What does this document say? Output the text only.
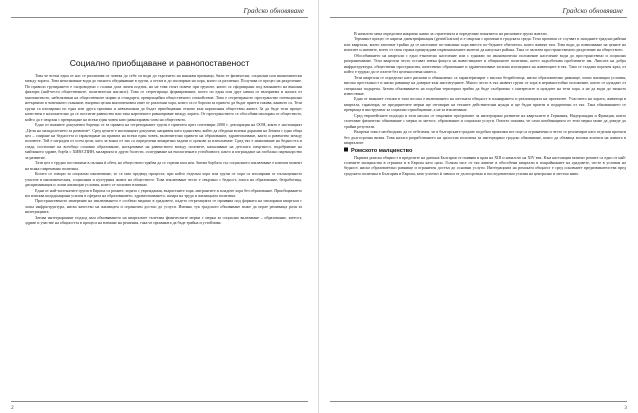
Градско обновяване
Социално приобщаване и равнопоставеност

Това че всеки един от нас се различава от човека до себе си води до търсенето на някакви признаци, били те физически, социални или икономически между хората. Това непознаване води до тяхното обединяване в групи, а оттам и до изолиране на хора, които са различни. Получава се процес на разделение. По правило групирането е съпроводено с голяма доза личен подтик, но не това стоят повече при групите, които са сформирани под влиянието на външни фактори (най-често обществените, политически нагласи). Това се сегрегиращо формирование, което по един или друг начин се възприема и налага от мнозинството, набелязвани на обществените норми и стандарти, превръщайки общественото спокойствие. Това е сегрегираното пространство потенциално нетърпимо в човешкото съзнание, въпреки целия многовековен опит от различни хора, които са се борили за правото да бъдат приети такива, каквито са. Тези групи са изолирани по една или друга причина и невъзможни да бъдат приобщавани отново към нормалния обществен живот. За да бъде този процес качествен е наложително да се постигне равенство или така нареченото равноправие между хората. От пространството се обособява изолиран от обществото, който да е свързан с превръщане на всеки един човек като равноправен член на обществото.

Едно от важните документи борещи се за правата на сегрегираните групи е приетата през септември 2000 г. декларация на ООН, която е настоящият „Цели на хилядолетието за развитие“. Сред целите е настоящият документ, направен като единствен, който да обедини всички държави на Земята с една обща цел – спиране на бедността и гарантиране на правата на всеки един човек, включително правото на образование, здравеопазване, както и равенство между половете. Той е изграден от осем цели, като за всяка от тях са определени конкретни задачи и срокове за изпълнение. Сред тях е намаляване на бедността и глада, постигане на всеобщо основно образование, насърчаване на равенството между половете, намаляване на детската смъртност, подобряване на майчиното здраве, борба с ХИВ/СПИН, маларията и други болести, осигуряване на екологичната устойчивост, както и изграждане на глобално партньорство за развитие.

Тази цел е трудно постижима в пълния ѝ обем, но обществото трябва да се стреми към нея. Затова борбата със социалното изключване е ключов момент на всяка съвременна политика.

Когато се говори за социално изключване, то се има предвид процесът, при който отделни хора или групи от хора са изолирани от пълноценното участие в икономическия, социалния и културния живот на обществото. Това изключване често е свързано с бедност, липса на образование, безработица, дискриминация и лоши жилищни условия, които се засилват взаимно.

Едни от най-засегнатите групи в Европа са ромите, хората с увреждания, възрастните хора, мигрантите и младите хора без образование. Приобщаването им изисква координирани усилия в сферата на образованието, здравеопазването, пазара на труда и жилищната политика.

Пространственото измерение на изключването е особено видимо в градовете, където сегрегацията се проявява под формата на изолирани квартали с лоша инфраструктура, ниско качество на жилищата и ограничен достъп до услуги. Именно тук градското обновяване може да играе решаваща роля за интеграцията.

Затова интегрираният подход към обновяването на кварталите съчетава физическите мерки с мерки за социално включване – образование, заетост, здраве и участие на общността в процеса на вземане на решения, така че промяната да бъде трайна и устойчива.

2
Градско обновяване

В началото нека определим накратко какво за стратегията и определяне понятието на рисковите групи жители.

Терминът процес се нарича джентрификация (gentrification) и е свързан с промени в градската среда. Тези промени се случват в западните градски райони или квартали, които започват трайно да се населяват по-заможни хора вместо по-бедните обитатели, които живеят там. Това води до повишаване на цените на имотите и наемите, което от своя страна принуждава първоначалните жители да напуснат района. Така се засилва пространственото разделение на обществото.

Обособяването на квартали с едно етническо население или с еднакво по икономическо положение население води до пространствено и социално разграничаване. Тези квартали често остават извън фокуса на инвестициите и общинските политики, което задълбочава проблемите им. Липсата на добра инфраструктура, обществени пространства, качествено образование и здравеопазване засилва изолацията на живеещите в тях. Така се създава порочен кръг, от който е трудно да се излезе без целенасочена намеса.

Тези квартали се определят като рискови и обикновено са характеризират с висока безработица, ниско образователно равнище, лоши жилищни условия, висока престъпност и ниско равнище на доверие към институциите. Много често в тях живеят групи от хора в неравностойно положение, които се нуждаят от специална подкрепа. Затова обновяването на подобни територии трябва да бъде съобразено с интересите и нуждите на тези хора, а не да води до тяхното изместване.

Една от важните стъпки в тази посока е включването на местната общност в планирането и реализацията на проектите. Участието на хората, живеещи в квартала, гарантира, че предприетите мерки ще отговарят на техните действителни нужди и ще бъдат приети и подкрепени от тях. Така обновяването се превръща в инструмент за социално приобщаване, а не за изключване.

Сред европейските подходи в тази насока се открояват програмите за интегрирано развитие на кварталите в Германия, Нидерландия и Франция, които съчетават физическо обновяване с мерки за заетост, образование и социални услуги. Опитът показва, че само комбинацията от тези мерки може да доведе до трайни резултати.

Въпреки това е необходимо да се отбележи, че в българските градове подобни практики все още са ограничени и често се реализират като отделни проекти без дългосрочна визия. Това налага разработването на цялостна политика за интегрирано градско обновяване, която да обхваща всички аспекти на живота в кварталите.

Ромското малцинство

Първата ромска общност в пределите на днешна България се появява в края на XIII и началото на XIV век. Към настоящия момент ромите са едно от най-големите малцинства в страната и в Европа като цяло. Голяма част от тях живеят в обособени квартали в покрайнините на градовете, често в условия на бедност, ниско образователно равнище и ограничен достъп до основни услуги. Интеграцията на ромската общност е сред основните предизвикателства пред градската политика в България и Европа, като успехът ѝ зависи от дългосрочни и последователни усилия на централно и местно ниво.

3
